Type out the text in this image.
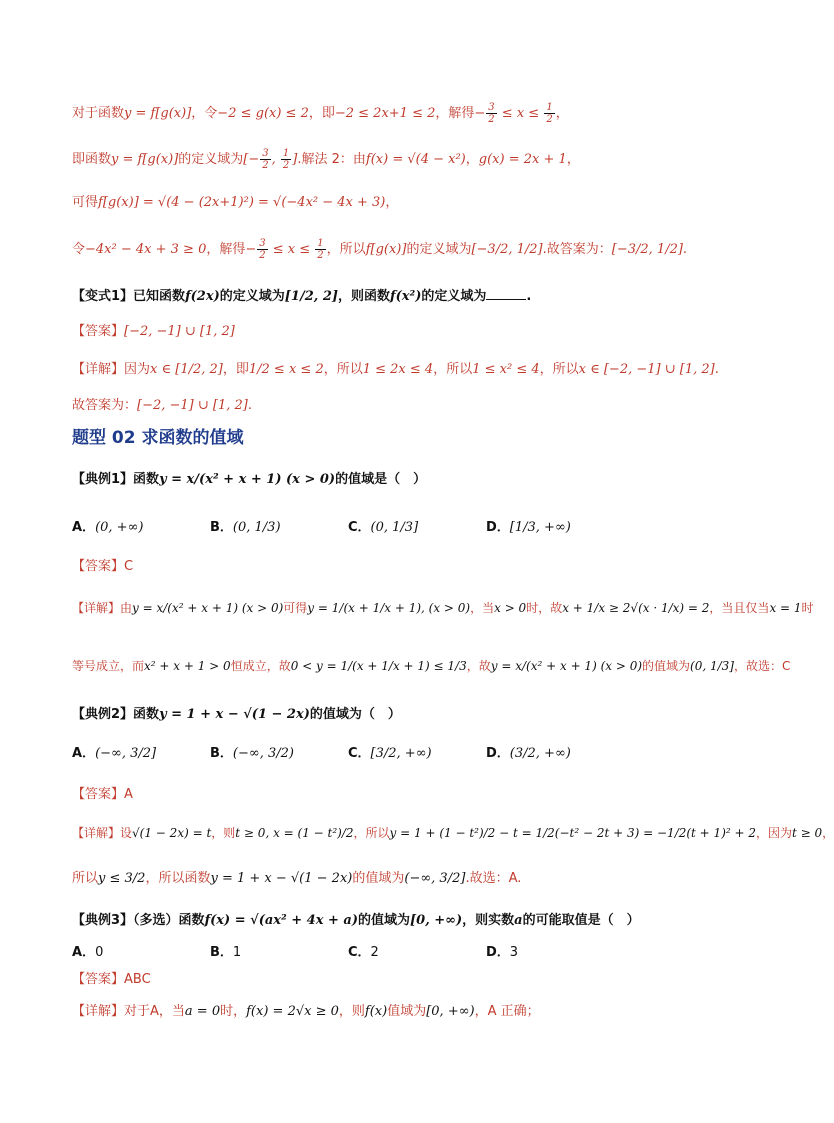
对于函数y = f[g(x)]，令−2 ≤ g(x) ≤ 2，即−2 ≤ 2x+1 ≤ 2，解得− $\frac{3}{2} \le x \le \frac{1}{2}$ ，
即函数y = f[g(x)]的定义域为[− $\frac{3}{2}$ , $\frac{1}{2}$ ].解法 2：由f(x) = √(4 − x²)，g(x) = 2x + 1，
可得f[g(x)] = √(4 − (2x+1)²) = √(−4x² − 4x + 3)，
令−4x² − 4x + 3 ≥ 0，解得− $\frac{3}{2} \le x \le \frac{1}{2}$ ，所以f[g(x)]的定义域为[−3/2, 1/2].故答案为：[−3/2, 1/2].
【变式1】已知函数f(2x)的定义域为[1/2, 2]，则函数f(x²)的定义域为	.
【答案】[−2, −1] ∪ [1, 2]
【详解】因为x ∈ [1/2, 2]，即1/2 ≤ x ≤ 2，所以1 ≤ 2x ≤ 4，所以1 ≤ x² ≤ 4，所以x ∈ [−2, −1] ∪ [1, 2].
故答案为：[−2, −1] ∪ [1, 2].
题型 02 求函数的值域
【典例1】函数y = x/(x² + x + 1) (x > 0)的值域是（　）
A．(0, +∞)	B．(0, 1/3)	C．(0, 1/3]	D．[1/3, +∞)
【答案】C
【详解】由y = x/(x² + x + 1) (x > 0)可得y = 1/(x + 1/x + 1), (x > 0)，当x > 0时，故x + 1/x ≥ 2√(x · 1/x) = 2，当且仅当x = 1时
等号成立，而x² + x + 1 > 0恒成立，故0 < y = 1/(x + 1/x + 1) ≤ 1/3，故y = x/(x² + x + 1) (x > 0)的值域为(0, 1/3]，故选：C
【典例2】函数y = 1 + x − √(1 − 2x)的值域为（　）
A．(−∞, 3/2]	B．(−∞, 3/2)	C．[3/2, +∞)	D．(3/2, +∞)
【答案】A
【详解】设√(1 − 2x) = t，则t ≥ 0, x = (1 − t²)/2，所以y = 1 + (1 − t²)/2 − t = 1/2(−t² − 2t + 3) = −1/2(t + 1)² + 2，因为t ≥ 0，
所以y ≤ 3/2，所以函数y = 1 + x − √(1 − 2x)的值域为(−∞, 3/2].故选：A.
【典例3】（多选）函数f(x) = √(ax² + 4x + a)的值域为[0, +∞)，则实数a的可能取值是（　）
A．0	B．1	C．2	D．3
【答案】ABC
【详解】对于A，当a = 0时，f(x) = 2√x ≥ 0，则f(x)值域为[0, +∞)，A 正确；
